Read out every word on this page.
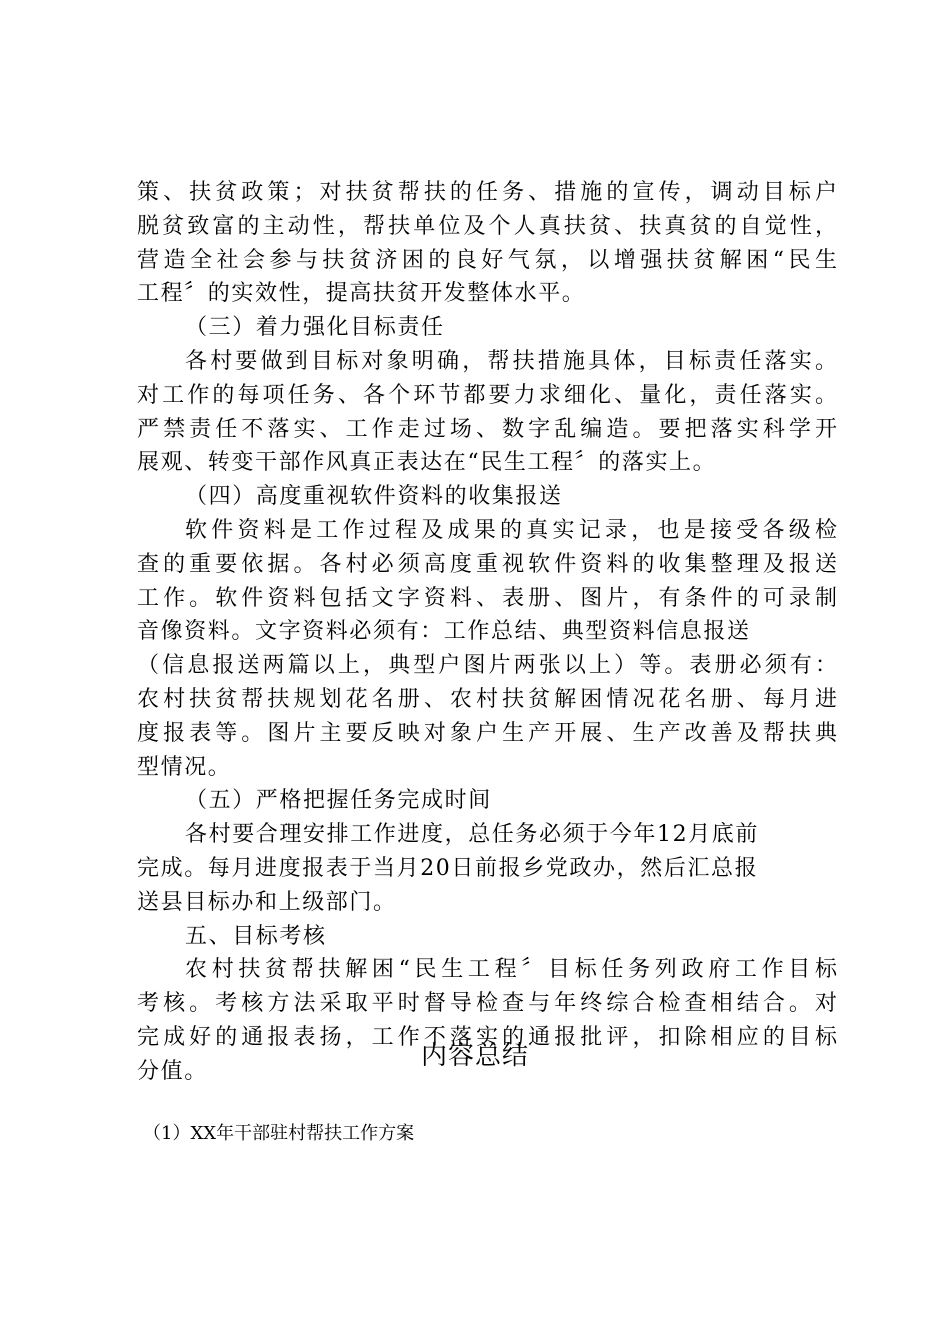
策、扶贫政策；对扶贫帮扶的任务、措施的宣传，调动目标户
脱贫致富的主动性，帮扶单位及个人真扶贫、扶真贫的自觉性，
营造全社会参与扶贫济困的良好气氛，以增强扶贫解困“民生
工程〞的实效性，提高扶贫开发整体水平。
（三）着力强化目标责任
各村要做到目标对象明确，帮扶措施具体，目标责任落实。
对工作的每项任务、各个环节都要力求细化、量化，责任落实。
严禁责任不落实、工作走过场、数字乱编造。要把落实科学开
展观、转变干部作风真正表达在“民生工程〞的落实上。
（四）高度重视软件资料的收集报送
软件资料是工作过程及成果的真实记录，也是接受各级检
查的重要依据。各村必须高度重视软件资料的收集整理及报送
工作。软件资料包括文字资料、表册、图片，有条件的可录制
音像资料。文字资料必须有：工作总结、典型资料信息报送
（信息报送两篇以上，典型户图片两张以上）等。表册必须有：
农村扶贫帮扶规划花名册、农村扶贫解困情况花名册、每月进
度报表等。图片主要反映对象户生产开展、生产改善及帮扶典
型情况。
（五）严格把握任务完成时间
各村要合理安排工作进度，总任务必须于今年12月底前
完成。每月进度报表于当月20日前报乡党政办，然后汇总报
送县目标办和上级部门。
五、目标考核
农村扶贫帮扶解困“民生工程〞目标任务列政府工作目标
考核。考核方法采取平时督导检查与年终综合检查相结合。对
完成好的通报表扬，工作不落实的通报批评，扣除相应的目标
分值。
内容总结
（1）XX年干部驻村帮扶工作方案
